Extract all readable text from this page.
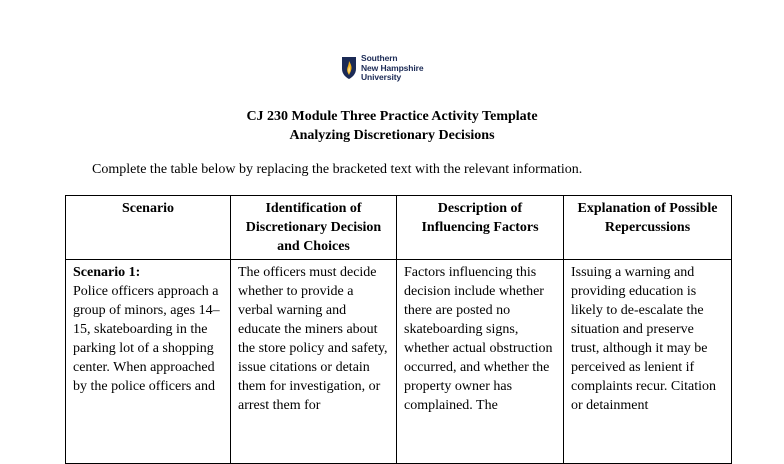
Southern
New Hampshire
University
CJ 230 Module Three Practice Activity Template
Analyzing Discretionary Decisions
Complete the table below by replacing the bracketed text with the relevant information.
Scenario	Identification of Discretionary Decision and Choices	Description of Influencing Factors	Explanation of Possible Repercussions

Scenario 1:
Police officers approach a group of minors, ages 14–15, skateboarding in the parking lot of a shopping center. When approached by the police officers and	The officers must decide whether to provide a verbal warning and educate the miners about the store policy and safety, issue citations or detain them for investigation, or arrest them for	Factors influencing this decision include whether there are posted no skateboarding signs, whether actual obstruction occurred, and whether the property owner has complained. The	Issuing a warning and providing education is likely to de-escalate the situation and preserve trust, although it may be perceived as lenient if complaints recur. Citation or detainment
